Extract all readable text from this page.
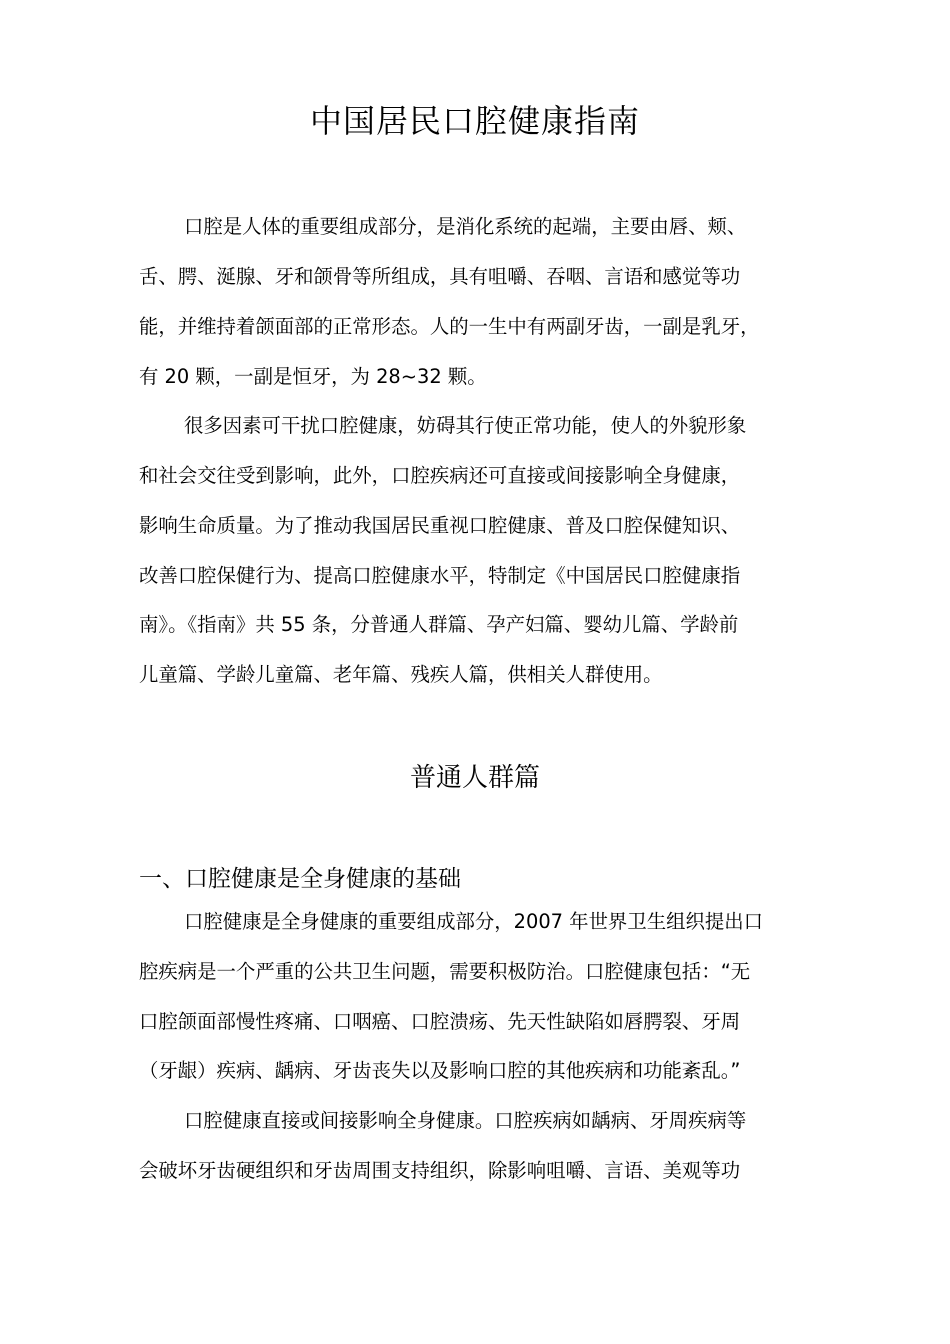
中国居民口腔健康指南
口腔是人体的重要组成部分，是消化系统的起端，主要由唇、颊、
舌、腭、涎腺、牙和颌骨等所组成，具有咀嚼、吞咽、言语和感觉等功
能，并维持着颌面部的正常形态。人的一生中有两副牙齿，一副是乳牙，
有 20 颗，一副是恒牙，为 28~32 颗。
很多因素可干扰口腔健康，妨碍其行使正常功能，使人的外貌形象
和社会交往受到影响，此外，口腔疾病还可直接或间接影响全身健康，
影响生命质量。为了推动我国居民重视口腔健康、普及口腔保健知识、
改善口腔保健行为、提高口腔健康水平，特制定《中国居民口腔健康指
南》。《指南》共 55 条，分普通人群篇、孕产妇篇、婴幼儿篇、学龄前
儿童篇、学龄儿童篇、老年篇、残疾人篇，供相关人群使用。
普通人群篇
一、口腔健康是全身健康的基础
口腔健康是全身健康的重要组成部分，2007 年世界卫生组织提出口
腔疾病是一个严重的公共卫生问题，需要积极防治。口腔健康包括：“无
口腔颌面部慢性疼痛、口咽癌、口腔溃疡、先天性缺陷如唇腭裂、牙周
（牙龈）疾病、龋病、牙齿丧失以及影响口腔的其他疾病和功能紊乱。”
口腔健康直接或间接影响全身健康。口腔疾病如龋病、牙周疾病等
会破坏牙齿硬组织和牙齿周围支持组织，除影响咀嚼、言语、美观等功
